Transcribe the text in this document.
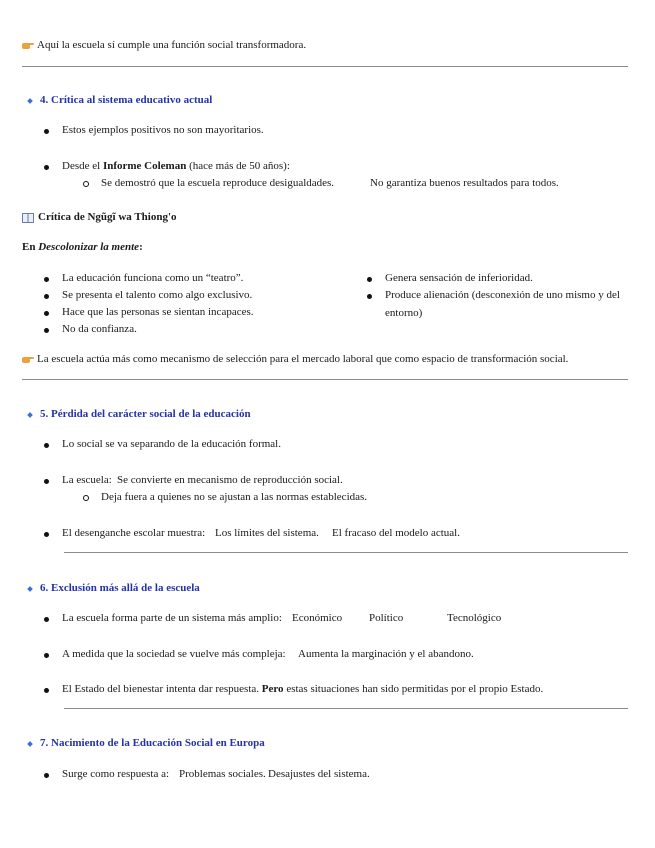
Aquí la escuela sí cumple una función social transformadora.
4. Crítica al sistema educativo actual
Estos ejemplos positivos no son mayoritarios.
Desde el Informe Coleman (hace más de 50 años):
Se demostró que la escuela reproduce desigualdades.	No garantiza buenos resultados para todos.
Crítica de Ngũgĩ wa Thiong'o
En Descolonizar la mente:
La educación funciona como un “teatro”.
Se presenta el talento como algo exclusivo.
Hace que las personas se sientan incapaces.
No da confianza.
Genera sensación de inferioridad.
Produce alienación (desconexión de uno mismo y del
entorno)
La escuela actúa más como mecanismo de selección para el mercado laboral que como espacio de transformación social.
5. Pérdida del carácter social de la educación
Lo social se va separando de la educación formal.
La escuela: Se convierte en mecanismo de reproducción social.
Deja fuera a quienes no se ajustan a las normas establecidas.
El desenganche escolar muestra: Los límites del sistema. El fracaso del modelo actual.
6. Exclusión más allá de la escuela
La escuela forma parte de un sistema más amplio: Económico Político	Tecnológico
A medida que la sociedad se vuelve más compleja: Aumenta la marginación y el abandono.
El Estado del bienestar intenta dar respuesta. Pero estas situaciones han sido permitidas por el propio Estado.
7. Nacimiento de la Educación Social en Europa
Surge como respuesta a: Problemas sociales. Desajustes del sistema.
